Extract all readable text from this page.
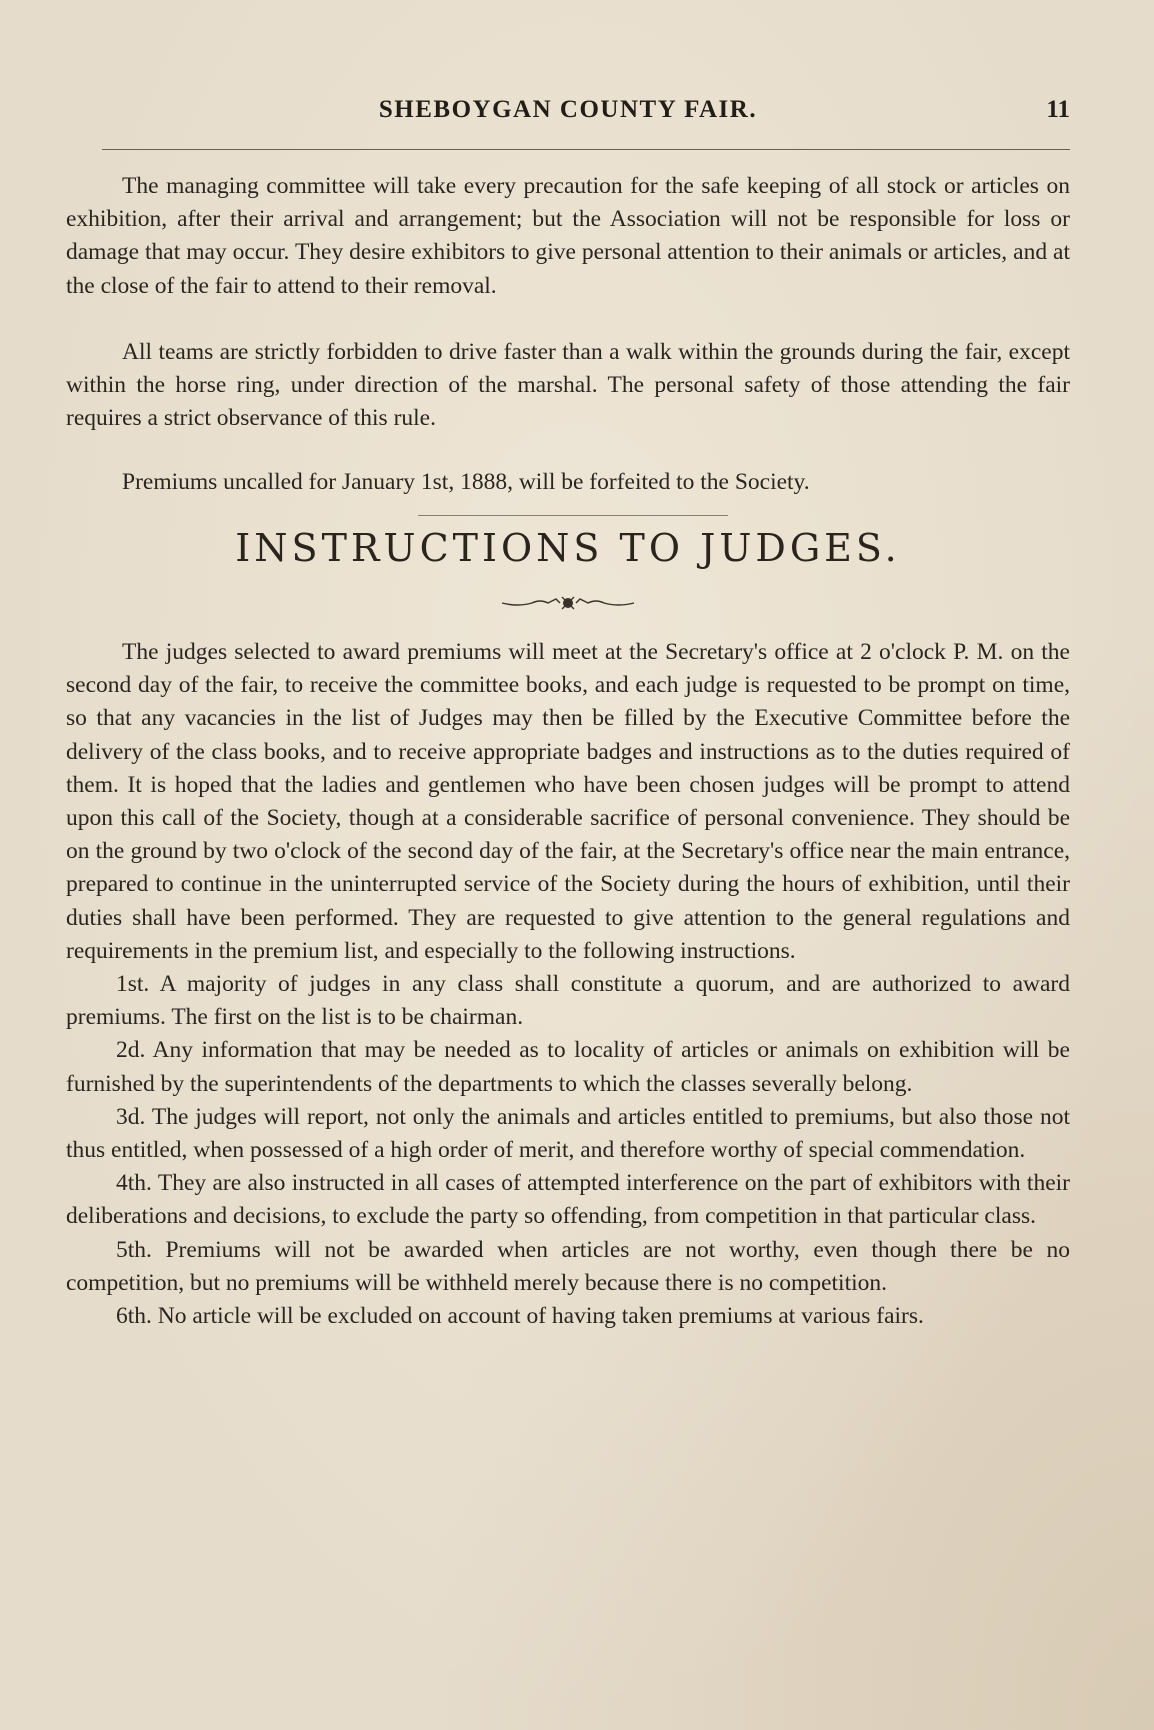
SHEBOYGAN COUNTY FAIR.	11

The managing committee will take every precaution for the safe keeping of all stock or articles on exhibition, after their arrival and arrangement; but the Association will not be responsible for loss or damage that may occur. They desire exhibitors to give personal attention to their animals or articles, and at the close of the fair to attend to their removal.

All teams are strictly forbidden to drive faster than a walk within the grounds during the fair, except within the horse ring, under direction of the marshal. The personal safety of those attending the fair requires a strict observance of this rule.

Premiums uncalled for January 1st, 1888, will be forfeited to the Society.

INSTRUCTIONS TO JUDGES.

The judges selected to award premiums will meet at the Secretary's office at 2 o'clock P. M. on the second day of the fair, to receive the committee books, and each judge is requested to be prompt on time, so that any vacancies in the list of Judges may then be filled by the Executive Committee before the delivery of the class books, and to receive appropriate badges and instructions as to the duties required of them. It is hoped that the ladies and gentlemen who have been chosen judges will be prompt to attend upon this call of the Society, though at a considerable sacrifice of personal convenience. They should be on the ground by two o'clock of the second day of the fair, at the Secretary's office near the main entrance, prepared to continue in the uninterrupted service of the Society during the hours of exhibition, until their duties shall have been performed. They are requested to give attention to the general regulations and requirements in the premium list, and especially to the following instructions.

1st. A majority of judges in any class shall constitute a quorum, and are authorized to award premiums. The first on the list is to be chairman.

2d. Any information that may be needed as to locality of articles or animals on exhibition will be furnished by the superintendents of the departments to which the classes severally belong.

3d. The judges will report, not only the animals and articles entitled to premiums, but also those not thus entitled, when possessed of a high order of merit, and therefore worthy of special commendation.

4th. They are also instructed in all cases of attempted interference on the part of exhibitors with their deliberations and decisions, to exclude the party so offending, from competition in that particular class.

5th. Premiums will not be awarded when articles are not worthy, even though there be no competition, but no premiums will be withheld merely because there is no competition.

6th. No article will be excluded on account of having taken premiums at various fairs.
